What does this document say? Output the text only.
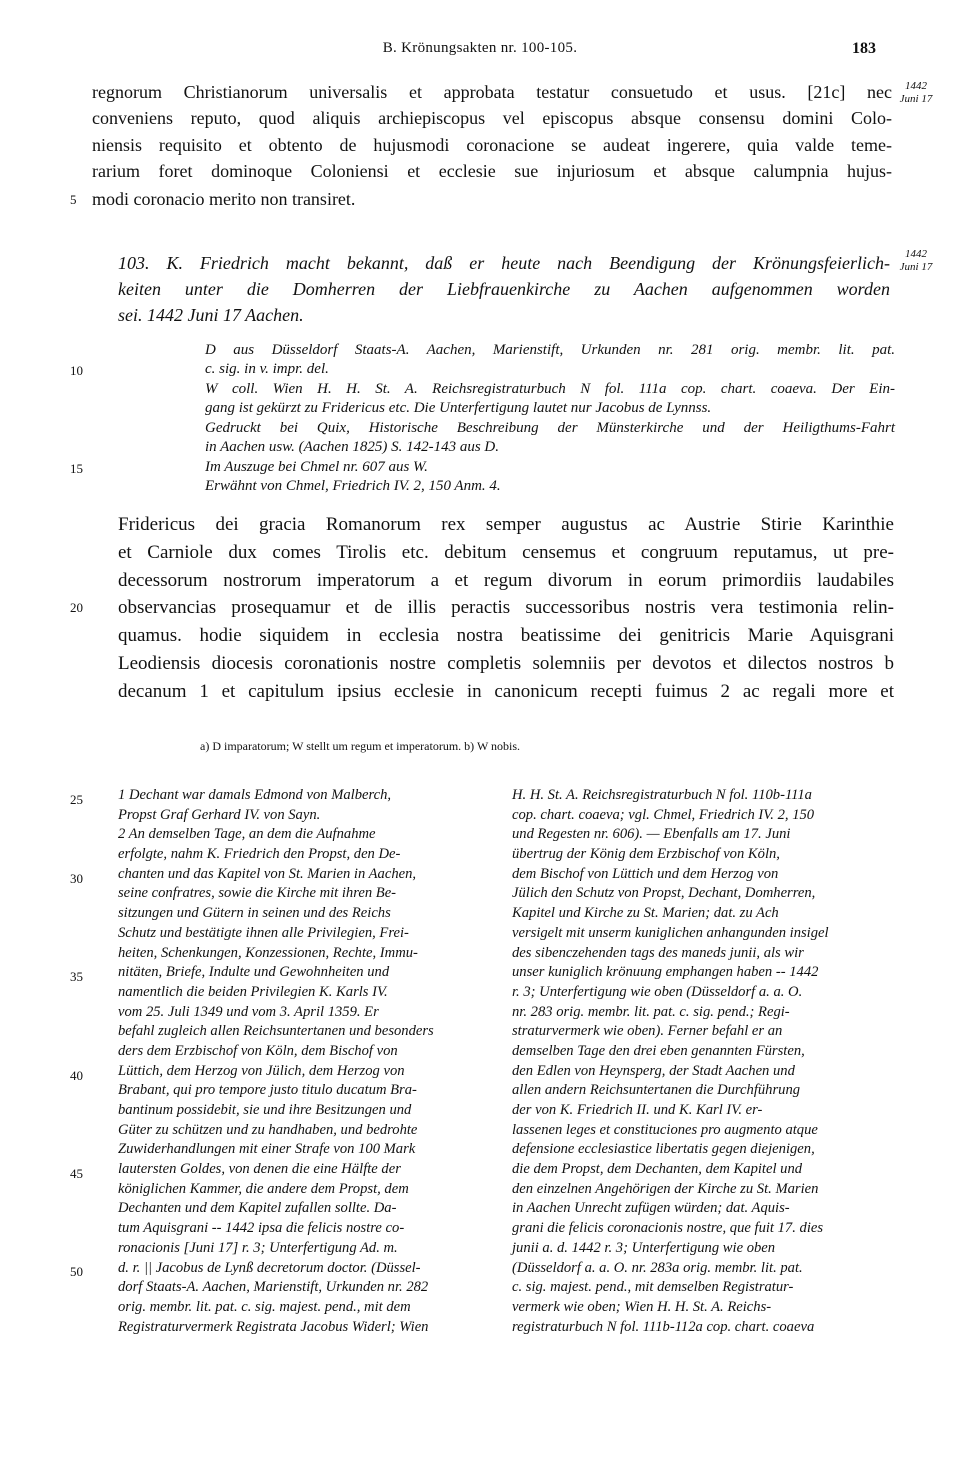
B. Krönungsakten nr. 100-105.	183
regnorum Christianorum universalis et approbata testatur consuetudo et usus. [21c] nec
conveniens reputo, quod aliquis archiepiscopus vel episcopus absque consensu domini Colo-
niensis requisito et obtento de hujusmodi coronacione se audeat ingerere, quia valde teme-
rarium foret dominoque Coloniensi et ecclesie sue injuriosum et absque calumpnia hujus-
modi coronacio merito non transiret.
5
1442
Juni 17
1442
Juni 17
103. K. Friedrich macht bekannt, daß er heute nach Beendigung der Krönungsfeierlich-
keiten unter die Domherren der Liebfrauenkirche zu Aachen aufgenommen worden
sei. 1442 Juni 17 Aachen.
D aus Düsseldorf Staats-A. Aachen, Marienstift, Urkunden nr. 281 orig. membr. lit. pat.
c. sig. in v. impr. del.
10
W coll. Wien H. H. St. A. Reichsregistraturbuch N fol. 111a cop. chart. coaeva. Der Ein-
gang ist gekürzt zu Fridericus etc. Die Unterfertigung lautet nur Jacobus de Lynnss.
Gedruckt bei Quix, Historische Beschreibung der Münsterkirche und der Heiligthums-Fahrt
in Aachen usw. (Aachen 1825) S. 142-143 aus D.
Im Auszuge bei Chmel nr. 607 aus W.
15
Erwähnt von Chmel, Friedrich IV. 2, 150 Anm. 4.
Fridericus dei gracia Romanorum rex semper augustus ac Austrie Stirie Karinthie
et Carniole dux comes Tirolis etc. debitum censemus et congruum reputamus, ut pre-
decessorum nostrorum imperatorum a et regum divorum in eorum primordiis laudabiles
observancias prosequamur et de illis peractis successoribus nostris vera testimonia relin-
20
quamus. hodie siquidem in ecclesia nostra beatissime dei genitricis Marie Aquisgrani
Leodiensis diocesis coronationis nostre completis solemniis per devotos et dilectos nostros b
decanum 1 et capitulum ipsius ecclesie in canonicum recepti fuimus 2 ac regali more et
a) D imparatorum; W stellt um regum et imperatorum. b) W nobis.
25
30
35
40
45
50
1 Dechant war damals Edmond von Malberch,
Propst Graf Gerhard IV. von Sayn.
2 An demselben Tage, an dem die Aufnahme
erfolgte, nahm K. Friedrich den Propst, den De-
chanten und das Kapitel von St. Marien in Aachen,
seine confratres, sowie die Kirche mit ihren Be-
sitzungen und Gütern in seinen und des Reichs
Schutz und bestätigte ihnen alle Privilegien, Frei-
heiten, Schenkungen, Konzessionen, Rechte, Immu-
nitäten, Briefe, Indulte und Gewohnheiten und
namentlich die beiden Privilegien K. Karls IV.
vom 25. Juli 1349 und vom 3. April 1359. Er
befahl zugleich allen Reichsuntertanen und besonders
ders dem Erzbischof von Köln, dem Bischof von
Lüttich, dem Herzog von Jülich, dem Herzog von
Brabant, qui pro tempore justo titulo ducatum Bra-
bantinum possidebit, sie und ihre Besitzungen und
Güter zu schützen und zu handhaben, und bedrohte
Zuwiderhandlungen mit einer Strafe von 100 Mark
lautersten Goldes, von denen die eine Hälfte der
königlichen Kammer, die andere dem Propst, dem
Dechanten und dem Kapitel zufallen sollte. Da-
tum Aquisgrani -- 1442 ipsa die felicis nostre co-
ronacionis [Juni 17] r. 3; Unterfertigung Ad. m.
d. r. || Jacobus de Lynß decretorum doctor. (Düssel-
dorf Staats-A. Aachen, Marienstift, Urkunden nr. 282
orig. membr. lit. pat. c. sig. majest. pend., mit dem
Registraturvermerk Registrata Jacobus Widerl; Wien
H. H. St. A. Reichsregistraturbuch N fol. 110b-111a
cop. chart. coaeva; vgl. Chmel, Friedrich IV. 2, 150
und Regesten nr. 606). — Ebenfalls am 17. Juni
übertrug der König dem Erzbischof von Köln,
dem Bischof von Lüttich und dem Herzog von
Jülich den Schutz von Propst, Dechant, Domherren,
Kapitel und Kirche zu St. Marien; dat. zu Ach
versigelt mit unserm kuniglichen anhangunden insigel
des sibenczehenden tags des maneds junii, als wir
unser kuniglich krönuung emphangen haben -- 1442
r. 3; Unterfertigung wie oben (Düsseldorf a. a. O.
nr. 283 orig. membr. lit. pat. c. sig. pend.; Regi-
straturvermerk wie oben). Ferner befahl er an
demselben Tage den drei eben genannten Fürsten,
den Edlen von Heynsperg, der Stadt Aachen und
allen andern Reichsuntertanen die Durchführung
der von K. Friedrich II. und K. Karl IV. er-
lassenen leges et constituciones pro augmento atque
defensione ecclesiastice libertatis gegen diejenigen,
die dem Propst, dem Dechanten, dem Kapitel und
den einzelnen Angehörigen der Kirche zu St. Marien
in Aachen Unrecht zufügen würden; dat. Aquis-
grani die felicis coronacionis nostre, que fuit 17. dies
junii a. d. 1442 r. 3; Unterfertigung wie oben
(Düsseldorf a. a. O. nr. 283a orig. membr. lit. pat.
c. sig. majest. pend., mit demselben Registratur-
vermerk wie oben; Wien H. H. St. A. Reichs-
registraturbuch N fol. 111b-112a cop. chart. coaeva
